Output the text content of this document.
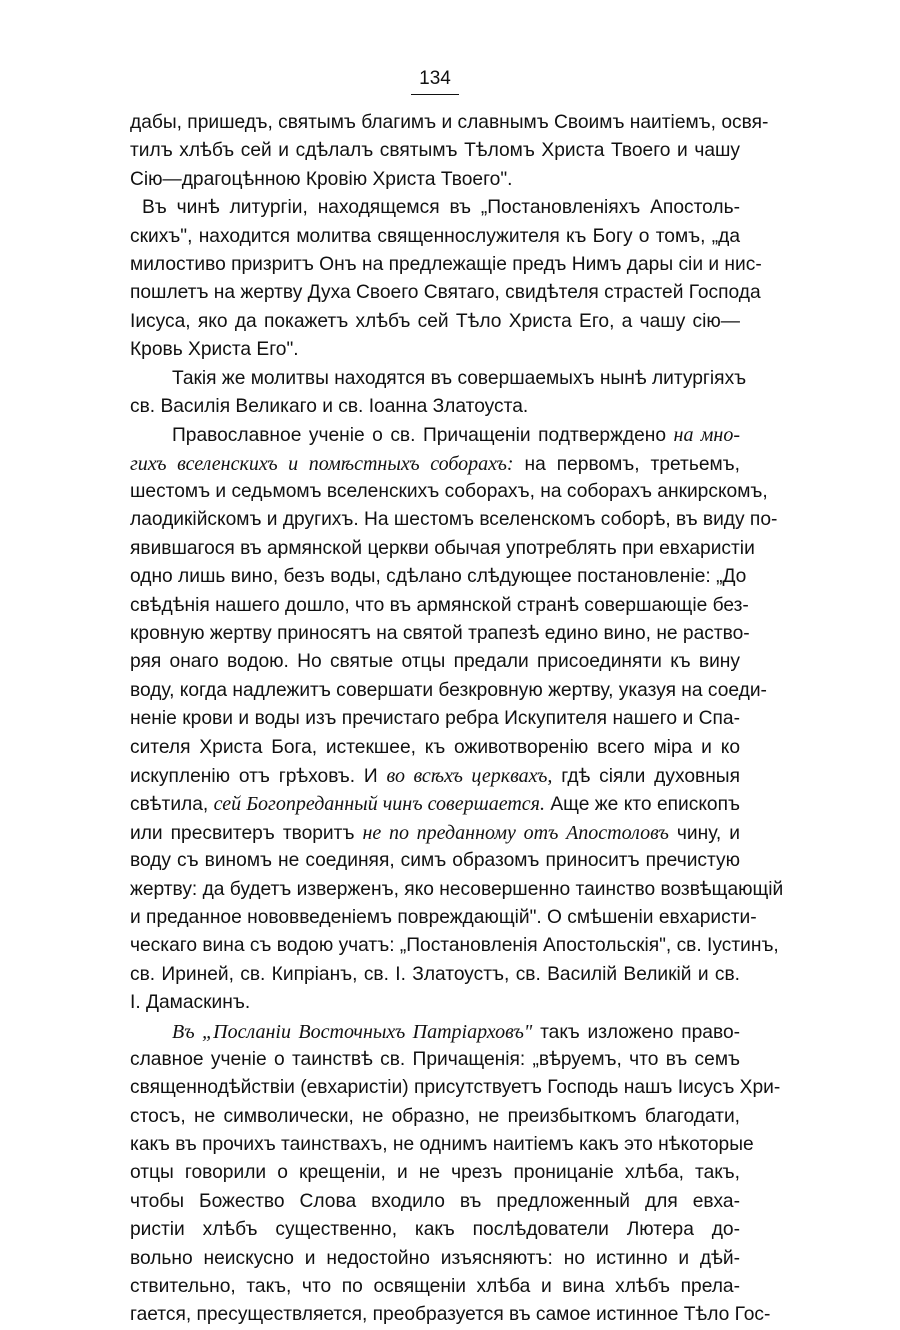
134
дабы, пришедъ, святымъ благимъ и славнымъ Своимъ наитiемъ, освя-
тилъ хлѣбъ сей и сдѣлалъ святымъ Тѣломъ Христа Твоего и чашу
Сiю—драгоцѣнною Кровiю Христа Твоего".
Въ чинѣ литургiи, находящемся въ „Постановленiяхъ Апостоль-
скихъ", находится молитва священнослужителя къ Богу о томъ, „да
милостиво призритъ Онъ на предлежащiе предъ Нимъ дары сiи и нис-
пошлетъ на жертву Духа Своего Святаго, свидѣтеля страстей Господа
Iисуса, яко да покажетъ хлѣбъ сей Тѣло Христа Его, а чашу сiю—
Кровь Христа Его".
Такiя же молитвы находятся въ совершаемыхъ нынѣ литургiяхъ
св. Василiя Великаго и св. Iоанна Златоуста.
Православное ученiе о св. Причащенiи подтверждено на мно-
гихъ вселенскихъ и помѣстныхъ соборахъ: на первомъ, третьемъ,
шестомъ и седьмомъ вселенскихъ соборахъ, на соборахъ анкирскомъ,
лаодикiйскомъ и другихъ. На шестомъ вселенскомъ соборѣ, въ виду по-
явившагося въ армянской церкви обычая употреблять при евхаристiи
одно лишь вино, безъ воды, сдѣлано слѣдующее постановленiе: „До
свѣдѣнiя нашего дошло, что въ армянской странѣ совершающiе без-
кровную жертву приносятъ на святой трапезѣ едино вино, не раство-
ряя онаго водою. Но святые отцы предали присоединяти къ вину
воду, когда надлежитъ совершати безкровную жертву, указуя на соеди-
ненiе крови и воды изъ пречистаго ребра Искупителя нашего и Спа-
сителя Христа Бога, истекшее, къ оживотворенiю всего мiра и ко
искупленiю отъ грѣховъ. И во всѣхъ церквахъ, гдѣ сiяли духовныя
свѣтила, сей Богопреданный чинъ совершается. Аще же кто епископъ
или пресвитеръ творитъ не по преданному отъ Апостоловъ чину, и
воду съ виномъ не соединяя, симъ образомъ приноситъ пречистую
жертву: да будетъ изверженъ, яко несовершенно таинство возвѣщающiй
и преданное нововведенiемъ повреждающiй". О смѣшенiи евхаристи-
ческаго вина съ водою учатъ: „Постановленiя Апостольскiя", св. Iустинъ,
св. Ириней, св. Кипрiанъ, св. I. Златоустъ, св. Василiй Великiй и св.
I. Дамаскинъ.
Въ „Посланiи Восточныхъ Патрiарховъ" такъ изложено право-
славное ученiе о таинствѣ св. Причащенiя: „вѣруемъ, что въ семъ
священнодѣйствiи (евхаристiи) присутствуетъ Господь нашъ Iисусъ Хри-
стосъ, не символически, не образно, не преизбыткомъ благодати,
какъ въ прочихъ таинствахъ, не однимъ наитiемъ какъ это нѣкоторые
отцы говорили о крещенiи, и не чрезъ проницанiе хлѣба, такъ,
чтобы Божество Слова входило въ предложенный для евха-
ристiи хлѣбъ существенно, какъ послѣдователи Лютера до-
вольно неискусно и недостойно изъясняютъ: но истинно и дѣй-
ствительно, такъ, что по освященiи хлѣба и вина хлѣбъ прела-
гается, пресуществляется, преобразуется въ самое истинное Тѣло Гос-
